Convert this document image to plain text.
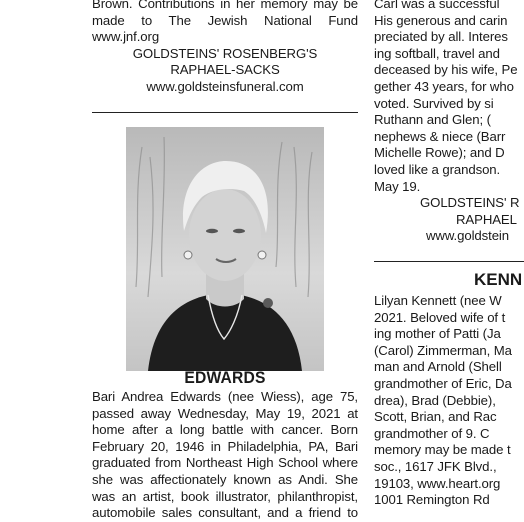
Brown. Contributions in her memory may be
made to The Jewish National Fund
www.jnf.org
GOLDSTEINS' ROSENBERG'S
RAPHAEL-SACKS
www.goldsteinsfuneral.com
EDWARDS
Bari Andrea Edwards (nee Wiess), age 75,
passed away Wednesday, May 19, 2021 at
home after a long battle with cancer. Born
February 20, 1946 in Philadelphia, PA, Bari
graduated from Northeast High School where
she was affectionately known as Andi. She
was an artist, book illustrator, philanthropist,
automobile sales consultant, and a friend to
Carl was a successful
His generous and carin
preciated by all. Interes
ing softball, travel and
deceased by his wife, Pe
gether 43 years, for who
voted. Survived by si
Ruthann and Glen; (
nephews & niece (Barr
Michelle Rowe); and D
loved like a grandson.
May 19.
GOLDSTEINS' R
RAPHAEL
www.goldstein
KENN
Lilyan Kennett (nee W
2021. Beloved wife of t
ing mother of Patti (Ja
(Carol) Zimmerman, Ma
man and Arnold (Shell
grandmother of Eric, Da
drea), Brad (Debbie),
Scott, Brian, and Rac
grandmother of 9. C
memory may be made t
soc., 1617 JFK Blvd.,
19103, www.heart.org
1001 Remington Rd
